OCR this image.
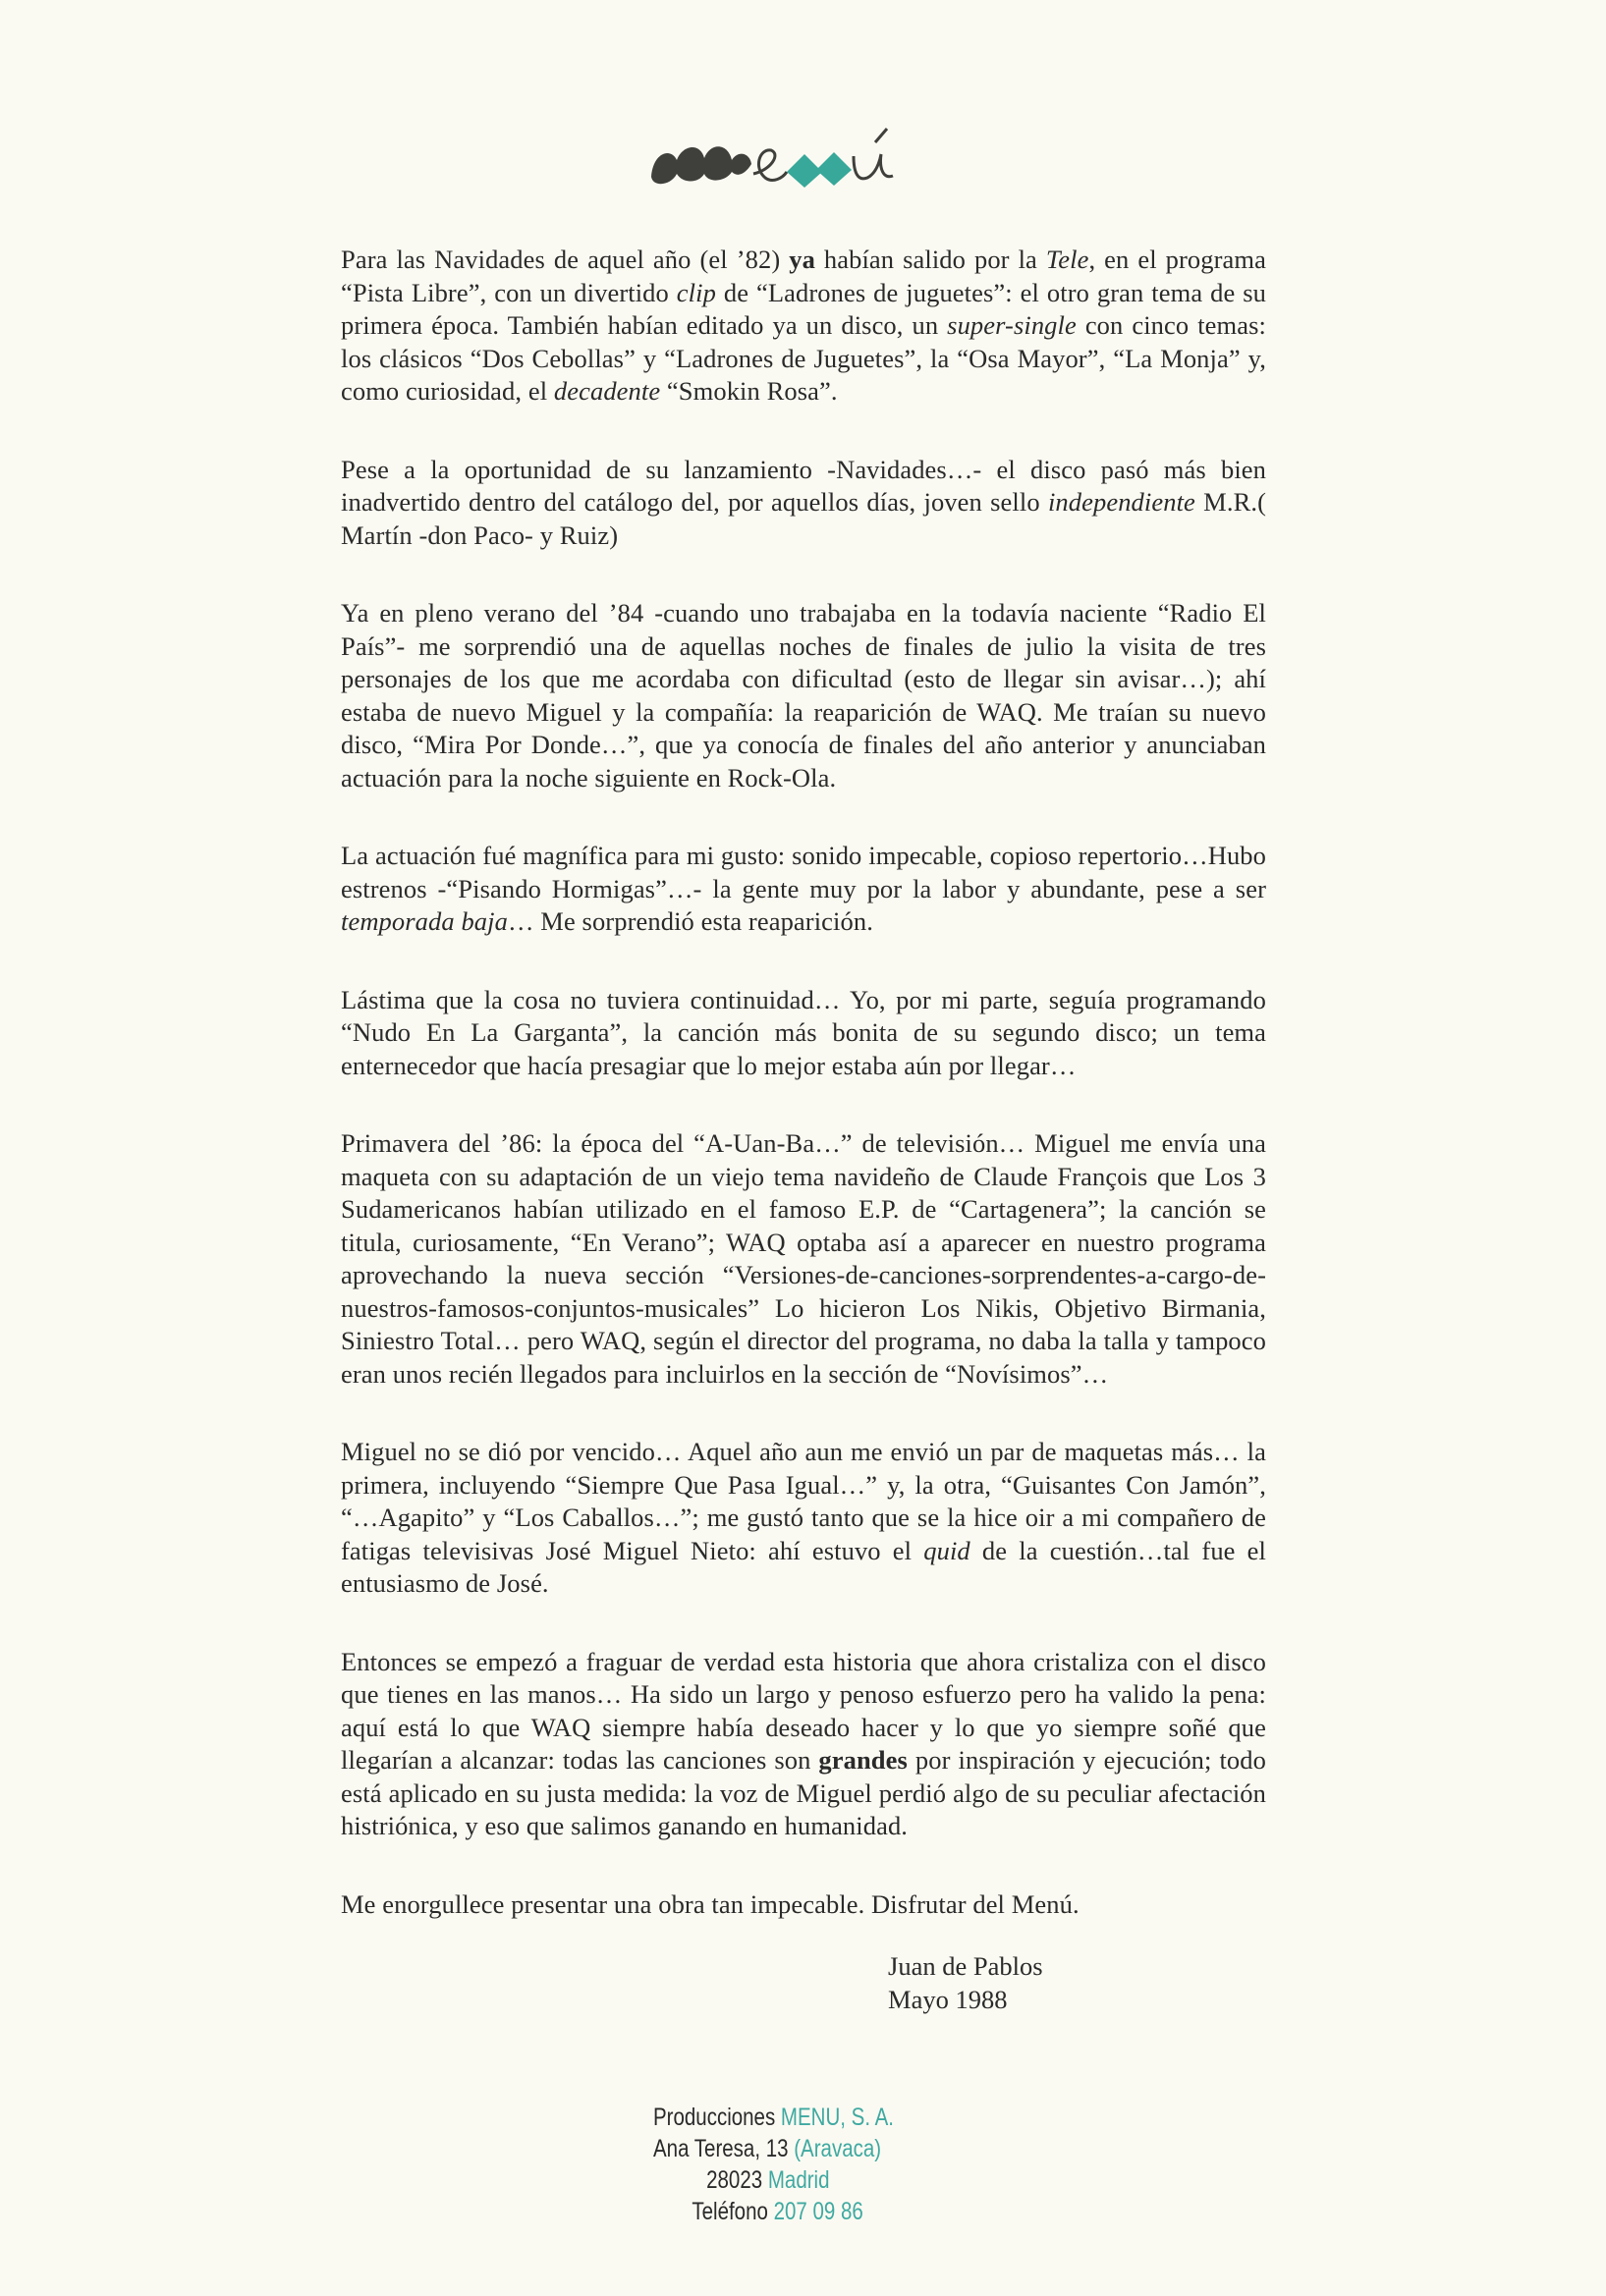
Para las Navidades de aquel año (el ’82) ya habían salido por la Tele, en el programa “Pista Libre”, con un divertido clip de “Ladrones de juguetes”: el otro gran tema de su primera época. También habían editado ya un disco, un super-single con cinco temas: los clásicos “Dos Cebollas” y “Ladrones de Juguetes”, la “Osa Mayor”, “La Monja” y, como curiosidad, el decadente “Smokin Rosa”.

Pese a la oportunidad de su lanzamiento -Navidades…- el disco pasó más bien inadvertido dentro del catálogo del, por aquellos días, joven sello independiente M.R.( Martín -don Paco- y Ruiz)

Ya en pleno verano del ’84 -cuando uno trabajaba en la todavía naciente “Radio El País”- me sorprendió una de aquellas noches de finales de julio la visita de tres personajes de los que me acordaba con dificultad (esto de llegar sin avisar…); ahí estaba de nuevo Miguel y la compañía: la reaparición de WAQ. Me traían su nuevo disco, “Mira Por Donde…”, que ya conocía de finales del año anterior y anunciaban actuación para la noche siguiente en Rock-Ola.

La actuación fué magnífica para mi gusto: sonido impecable, copioso repertorio…Hubo estrenos -“Pisando Hormigas”…- la gente muy por la labor y abundante, pese a ser temporada baja… Me sorprendió esta reaparición.

Lástima que la cosa no tuviera continuidad… Yo, por mi parte, seguía programando “Nudo En La Garganta”, la canción más bonita de su segundo disco; un tema enternecedor que hacía presagiar que lo mejor estaba aún por llegar…

Primavera del ’86: la época del “A-Uan-Ba…” de televisión… Miguel me envía una maqueta con su adaptación de un viejo tema navideño de Claude François que Los 3 Sudamericanos habían utilizado en el famoso E.P. de “Cartagenera”; la canción se titula, curiosamente, “En Verano”; WAQ optaba así a aparecer en nuestro programa aprovechando la nueva sección “Versiones-de-canciones-sorprendentes-a-cargo-de-nuestros-famosos-conjuntos-musicales” Lo hicieron Los Nikis, Objetivo Birmania, Siniestro Total… pero WAQ, según el director del programa, no daba la talla y tampoco eran unos recién llegados para incluirlos en la sección de “Novísimos”…

Miguel no se dió por vencido… Aquel año aun me envió un par de maquetas más… la primera, incluyendo “Siempre Que Pasa Igual…” y, la otra, “Guisantes Con Jamón”, “…Agapito” y “Los Caballos…”; me gustó tanto que se la hice oir a mi compañero de fatigas televisivas José Miguel Nieto: ahí estuvo el quid de la cuestión…tal fue el entusiasmo de José.

Entonces se empezó a fraguar de verdad esta historia que ahora cristaliza con el disco que tienes en las manos… Ha sido un largo y penoso esfuerzo pero ha valido la pena: aquí está lo que WAQ siempre había deseado hacer y lo que yo siempre soñé que llegarían a alcanzar: todas las canciones son grandes por inspiración y ejecución; todo está aplicado en su justa medida: la voz de Miguel perdió algo de su peculiar afectación histriónica, y eso que salimos ganando en humanidad.

Me enorgullece presentar una obra tan impecable. Disfrutar del Menú.

Juan de Pablos
Mayo 1988
Producciones MENU, S. A.
Ana Teresa, 13 (Aravaca)
28023 Madrid
Teléfono 207 09 86
